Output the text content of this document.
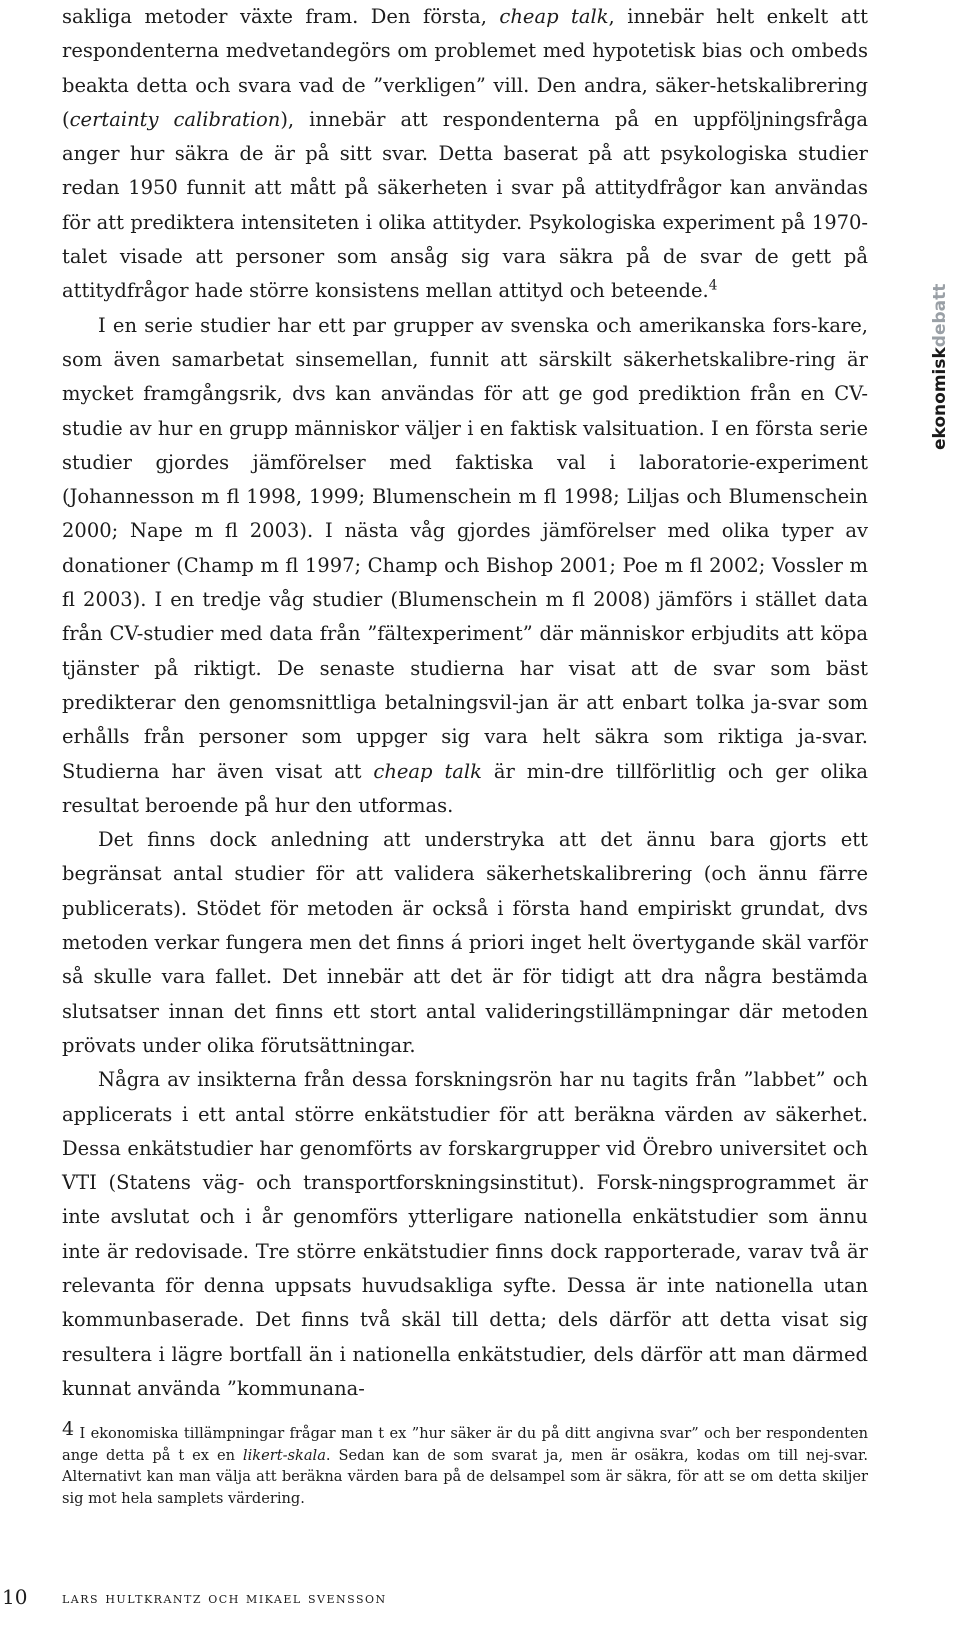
sakliga metoder växte fram. Den första, cheap talk, innebär helt enkelt att respondenterna medvetandegörs om problemet med hypotetisk bias och ombeds beakta detta och svara vad de ”verkligen” vill. Den andra, säker-hetskalibrering (certainty calibration), innebär att respondenterna på en uppföljningsfråga anger hur säkra de är på sitt svar. Detta baserat på att psykologiska studier redan 1950 funnit att mått på säkerheten i svar på attitydfrågor kan användas för att prediktera intensiteten i olika attityder. Psykologiska experiment på 1970-talet visade att personer som ansåg sig vara säkra på de svar de gett på attitydfrågor hade större konsistens mellan attityd och beteende.$^4$

I en serie studier har ett par grupper av svenska och amerikanska fors-kare, som även samarbetat sinsemellan, funnit att särskilt säkerhetskalibre-ring är mycket framgångsrik, dvs kan användas för att ge god prediktion från en CV-studie av hur en grupp människor väljer i en faktisk valsituation. I en första serie studier gjordes jämförelser med faktiska val i laboratorie-experiment (Johannesson m fl 1998, 1999; Blumenschein m fl 1998; Liljas och Blumenschein 2000; Nape m fl 2003). I nästa våg gjordes jämförelser med olika typer av donationer (Champ m fl 1997; Champ och Bishop 2001; Poe m fl 2002; Vossler m fl 2003). I en tredje våg studier (Blumenschein m fl 2008) jämförs i stället data från CV-studier med data från ”fältexperiment” där människor erbjudits att köpa tjänster på riktigt. De senaste studierna har visat att de svar som bäst predikterar den genomsnittliga betalningsvil-jan är att enbart tolka ja-svar som erhålls från personer som uppger sig vara helt säkra som riktiga ja-svar. Studierna har även visat att cheap talk är min-dre tillförlitlig och ger olika resultat beroende på hur den utformas.

Det finns dock anledning att understryka att det ännu bara gjorts ett begränsat antal studier för att validera säkerhetskalibrering (och ännu färre publicerats). Stödet för metoden är också i första hand empiriskt grundat, dvs metoden verkar fungera men det finns á priori inget helt övertygande skäl varför så skulle vara fallet. Det innebär att det är för tidigt att dra några bestämda slutsatser innan det finns ett stort antal valideringstillämpningar där metoden prövats under olika förutsättningar.

Några av insikterna från dessa forskningsrön har nu tagits från ”labbet” och applicerats i ett antal större enkätstudier för att beräkna värden av säkerhet. Dessa enkätstudier har genomförts av forskargrupper vid Örebro universitet och VTI (Statens väg- och transportforskningsinstitut). Forsk-ningsprogrammet är inte avslutat och i år genomförs ytterligare nationella enkätstudier som ännu inte är redovisade. Tre större enkätstudier finns dock rapporterade, varav två är relevanta för denna uppsats huvudsakliga syfte. Dessa är inte nationella utan kommunbaserade. Det finns två skäl till detta; dels därför att detta visat sig resultera i lägre bortfall än i nationella enkätstudier, dels därför att man därmed kunnat använda ”kommunana-

4 I ekonomiska tillämpningar frågar man t ex ”hur säker är du på ditt angivna svar” och ber respondenten ange detta på t ex en likert-skala. Sedan kan de som svarat ja, men är osäkra, kodas om till nej-svar. Alternativt kan man välja att beräkna värden bara på de delsampel som är säkra, för att se om detta skiljer sig mot hela samplets värdering.

ekonomiskdebatt
10 lars hultkrantz och mikael svensson
